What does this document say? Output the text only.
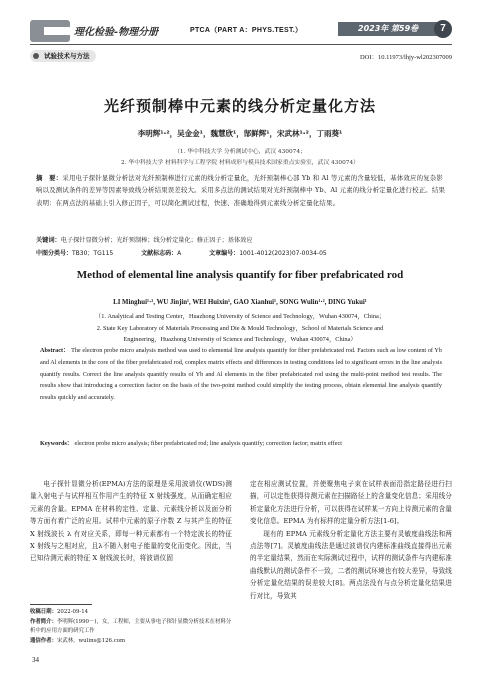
理化检验-物理分册	PTCA（PART A：PHYS.TEST.）	2023年 第59卷	7
试验技术与方法	DOI：10.11973/lhjy-wl202307009
光纤预制棒中元素的线分析定量化方法
李明辉¹·²，吴金金¹，魏慧欣¹，郜鲜辉¹，宋武林¹·²，丁雨葵¹
（1. 华中科技大学 分析测试中心，武汉 430074；
2. 华中科技大学 材料科学与工程学院 材料成形与模具技术国家重点实验室，武汉 430074）
摘　要：采用电子探针显微分析法对光纤预制棒进行元素的线分析定量化，光纤预制棒心部 Yb 和 Al 等元素的含量较低，基体效应的复杂影响以及测试条件的差异等因素导致线分析结果误差较大。采用多点法的测试结果对光纤预制棒中 Yb、Al 元素的线分析定量化进行校正。结果表明：在两点法的基础上引入修正因子，可以简化测试过程，快速、准确地得到元素线分析定量化结果。
关键词：电子探针显微分析；光纤预制棒；线分析定量化；修正因子；基体效应
中图分类号：TB30；TG115	文献标志码：A	文章编号：1001-4012(2023)07-0034-05
Method of elemental line analysis quantify for fiber prefabricated rod
LI Minghui¹·², WU Jinjin¹, WEI Huixin¹, GAO Xianhui¹, SONG Wulin¹·², DING Yukui¹
（1. Analytical and Testing Center，Huazhong University of Science and Technology，Wuhan 430074，China；
2. State Key Laboratory of Materials Processing and Die & Mould Technology，School of Materials Science and
Engineering，Huazhong University of Science and Technology，Wuhan 430074，China）
Abstract： The electron probe micro analysis method was used to elemental line analysis quantify for fiber prefabricated rod. Factors such as low content of Yb and Al elements in the core of the fiber prefabricated rod, complex matrix effects and differences in testing conditions led to significant errors in the line analysis quantify results. Correct the line analysis quantify results of Yb and Al elements in the fiber prefabricated rod using the multi-point method test results. The results show that introducing a correction factor on the basis of the two-point method could simplify the testing process, obtain elemental line analysis quantify results quickly and accurately.
Keywords： electron probe micro analysis; fiber prefabricated rod; line analysis quantify; correction factor; matrix effect

电子探针显微分析(EPMA)方法的原理是采用波谱仪(WDS)测量入射电子与试样相互作用产生的特征 X 射线强度，从而确定相应元素的含量。EPMA 在材料的定性、定量、元素线分析以及面分析等方面有着广泛的应用。试样中元素的原子序数 Z 与其产生的特征 X 射线波长 λ 有对应关系，即每一种元素都有一个特定波长的特征 X 射线与之相对应，且λ不随入射电子能量的变化而变化。因此，当已知待测元素的特征 X 射线波长时，将波谱仪固

定在相应测试位置，并使聚焦电子束在试样表面沿指定路径进行扫描，可以定性获得待测元素在扫描路径上的含量变化信息；采用线分析定量化方法进行分析，可以获得在试样某一方向上待测元素的含量变化信息。EPMA 为有标样的定量分析方法[1-6]。

现有的 EPMA 元素线分析定量化方法主要有灵敏度曲线法和两点法等[7]。灵敏度曲线法是通过波谱仪内建标准曲线直接得出元素的半定量结果，然而在实际测试过程中，试样的测试条件与内建标准曲线默认的测试条件不一致，二者的测试环境也有较大差异，导致线分析定量化结果的误差较大[8]。两点法没有与点分析定量化结果进行对比，导致其

收稿日期：2022-09-14
作者简介：李明辉(1990－)，女，工程师，主要从事电子探针显微分析技术在材料分析中的应用方面的研究工作
通信作者：宋武林，wulins@126.com
34
